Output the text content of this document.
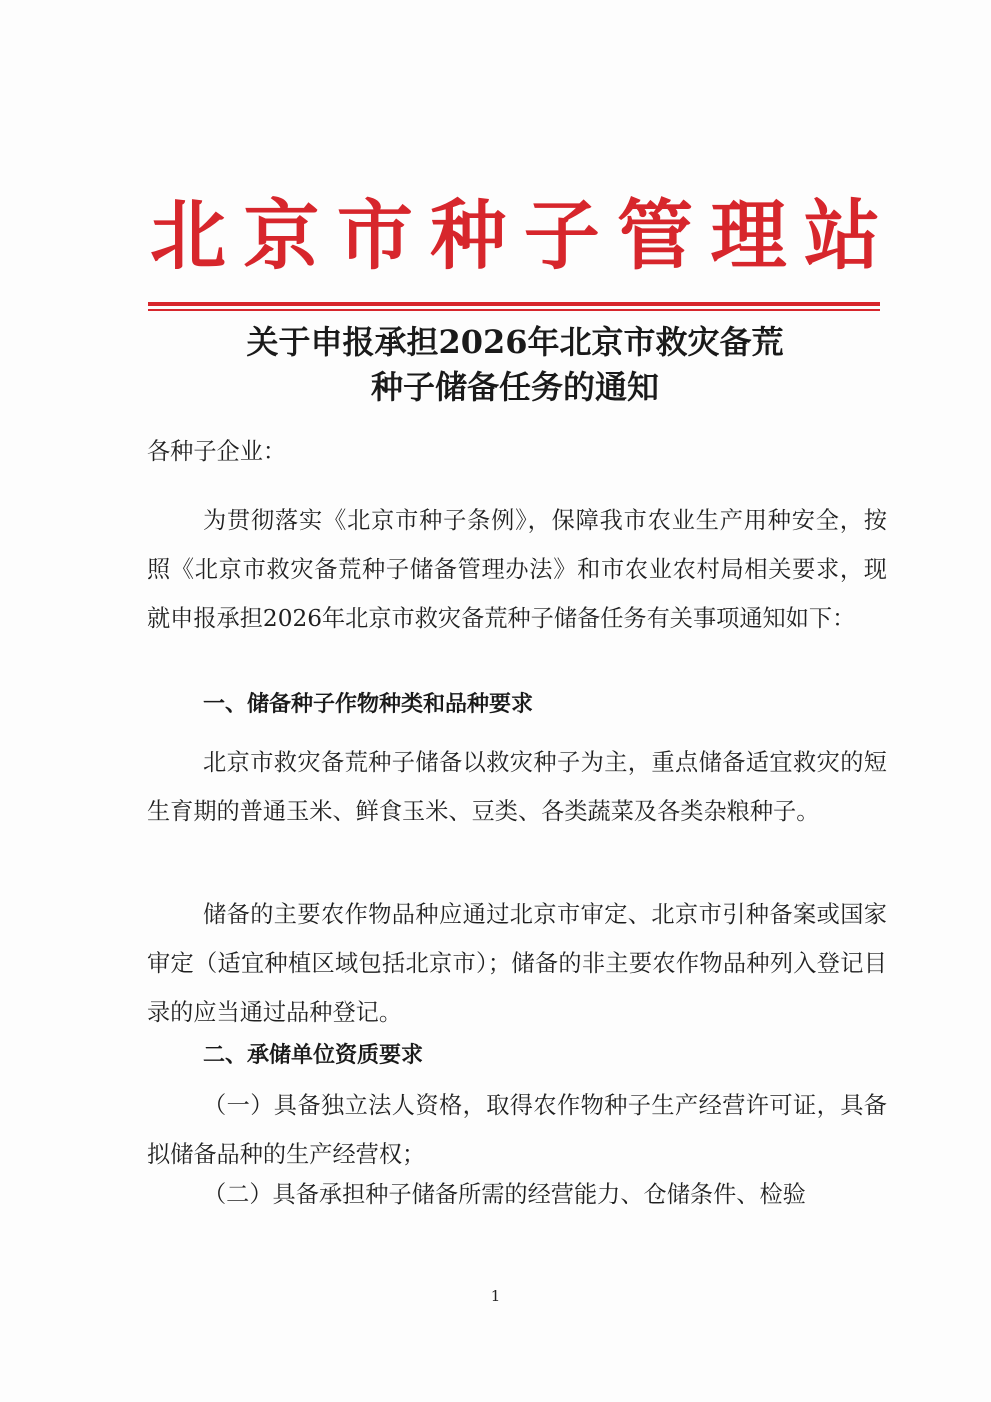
北 京 市 种 子 管 理 站
关于申报承担2026年北京市救灾备荒
种子储备任务的通知
各种子企业：
为贯彻落实《北京市种子条例》，保障我市农业生产用种安全，按照《北京市救灾备荒种子储备管理办法》和市农业农村局相关要求，现就申报承担2026年北京市救灾备荒种子储备任务有关事项通知如下：
一、储备种子作物种类和品种要求
北京市救灾备荒种子储备以救灾种子为主，重点储备适宜救灾的短生育期的普通玉米、鲜食玉米、豆类、各类蔬菜及各类杂粮种子。
储备的主要农作物品种应通过北京市审定、北京市引种备案或国家审定（适宜种植区域包括北京市）；储备的非主要农作物品种列入登记目录的应当通过品种登记。
二、承储单位资质要求
（一）具备独立法人资格，取得农作物种子生产经营许可证，具备拟储备品种的生产经营权；
（二）具备承担种子储备所需的经营能力、仓储条件、检验
1
